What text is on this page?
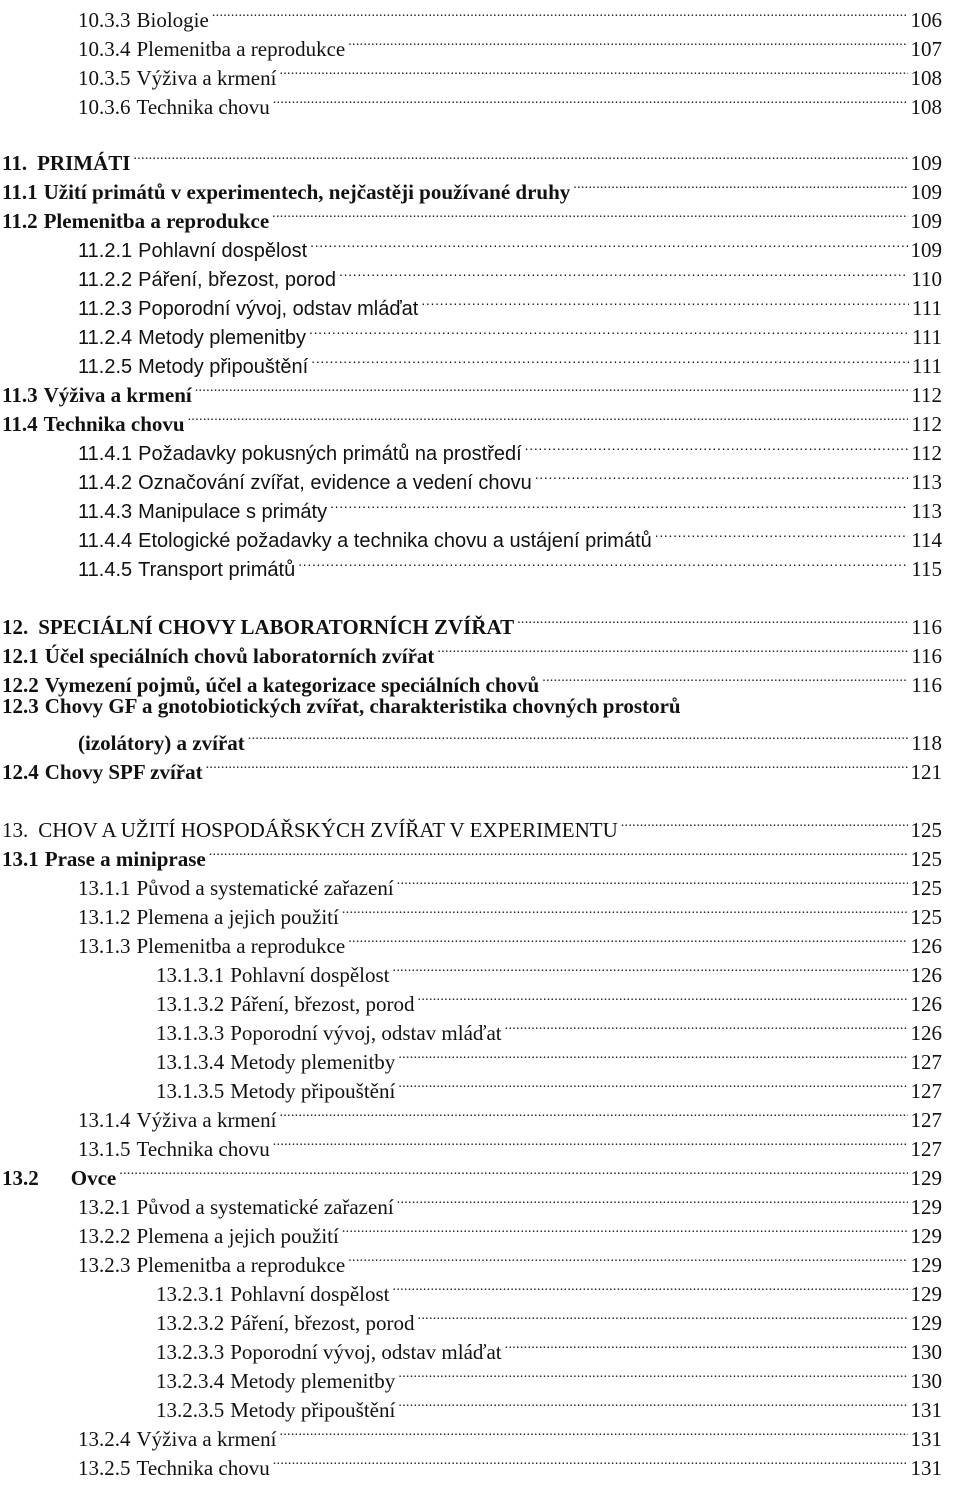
10.3.3 Biologie . . .	106
10.3.4 Plemenitba a reprodukce . . .	107
10.3.5 Výživa a krmení . . .	108
10.3.6 Technika chovu . . .	108
11. PRIMÁTI . . .	109
11.1 Užití primátů v experimentech, nejčastěji používané druhy . . .	109
11.2 Plemenitba a reprodukce . . .	109
11.2.1 Pohlavní dospělost . . .	109
11.2.2 Páření, březost, porod . . .	110
11.2.3 Poporodní vývoj, odstav mláďat . . .	111
11.2.4 Metody plemenitby . . .	111
11.2.5 Metody připouštění . . .	111
11.3 Výživa a krmení . . .	112
11.4 Technika chovu . . .	112
11.4.1 Požadavky pokusných primátů na prostředí . . .	112
11.4.2 Označování zvířat, evidence a vedení chovu . . .	113
11.4.3 Manipulace s primáty . . .	113
11.4.4 Etologické požadavky a technika chovu a ustájení primátů . . .	114
11.4.5 Transport primátů . . .	115
12. SPECIÁLNÍ CHOVY LABORATORNÍCH ZVÍŘAT . . .	116
12.1 Účel speciálních chovů laboratorních zvířat . . .	116
12.2 Vymezení pojmů, účel a kategorizace speciálních chovů . . .	116
12.3 Chovy GF a gnotobiotických zvířat, charakteristika chovných prostorů
(izolátory) a zvířat . . .	118
12.4 Chovy SPF zvířat . . .	121
13. CHOV A UŽITÍ HOSPODÁŘSKÝCH ZVÍŘAT V EXPERIMENTU . . .	125
13.1 Prase a miniprase . . .	125
13.1.1 Původ a systematické zařazení . . .	125
13.1.2 Plemena a jejich použití . . .	125
13.1.3 Plemenitba a reprodukce . . .	126
13.1.3.1 Pohlavní dospělost . . .	126
13.1.3.2 Páření, březost, porod . . .	126
13.1.3.3 Poporodní vývoj, odstav mláďat . . .	126
13.1.3.4 Metody plemenitby . . .	127
13.1.3.5 Metody připouštění . . .	127
13.1.4 Výživa a krmení . . .	127
13.1.5 Technika chovu . . .	127
13.2 Ovce . . .	129
13.2.1 Původ a systematické zařazení . . .	129
13.2.2 Plemena a jejich použití . . .	129
13.2.3 Plemenitba a reprodukce . . .	129
13.2.3.1 Pohlavní dospělost . . .	129
13.2.3.2 Páření, březost, porod . . .	129
13.2.3.3 Poporodní vývoj, odstav mláďat . . .	130
13.2.3.4 Metody plemenitby . . .	130
13.2.3.5 Metody připouštění . . .	131
13.2.4 Výživa a krmení . . .	131
13.2.5 Technika chovu . . .	131
